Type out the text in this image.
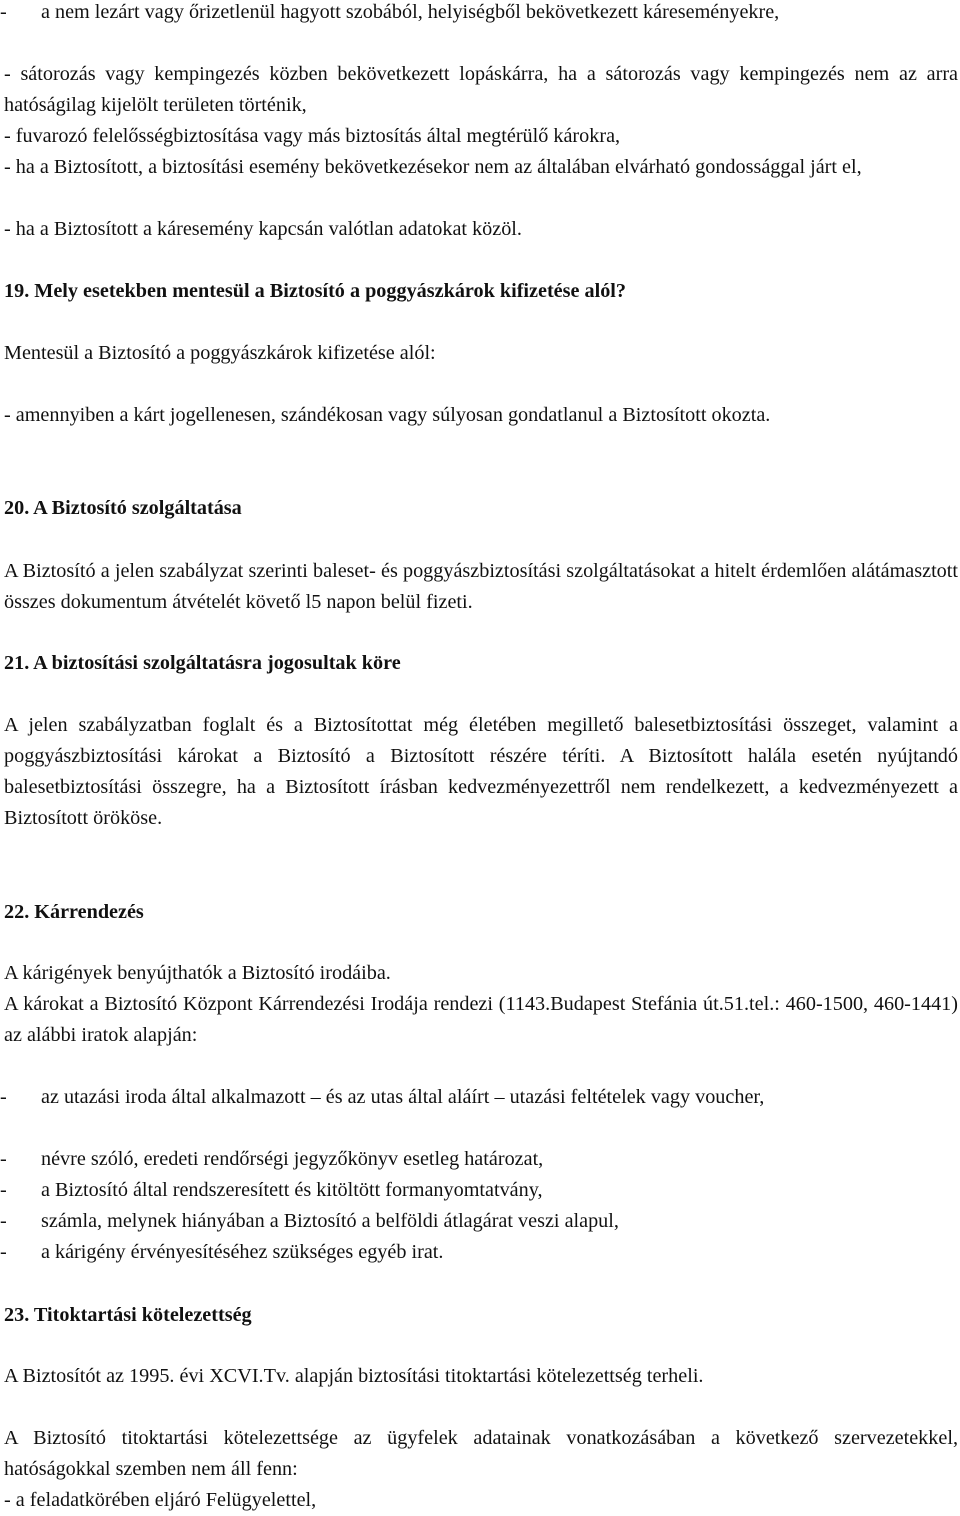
-	a nem lezárt vagy őrizetlenül hagyott szobából, helyiségből bekövetkezett káreseményekre,

- sátorozás vagy kempingezés közben bekövetkezett lopáskárra, ha a sátorozás vagy kempingezés nem az arra hatóságilag kijelölt területen történik,

- fuvarozó felelősségbiztosítása vagy más biztosítás által megtérülő károkra,

- ha a Biztosított, a biztosítási esemény bekövetkezésekor nem az általában elvárható gondossággal járt el,

- ha a Biztosított a káresemény kapcsán valótlan adatokat közöl.

19. Mely esetekben mentesül a Biztosító a poggyászkárok kifizetése alól?

Mentesül a Biztosító a poggyászkárok kifizetése alól:

- amennyiben a kárt jogellenesen, szándékosan vagy súlyosan gondatlanul a Biztosított okozta.

20. A Biztosító szolgáltatása

A Biztosító a jelen szabályzat szerinti baleset- és poggyászbiztosítási szolgáltatásokat a hitelt érdemlően alátámasztott összes dokumentum átvételét követő l5 napon belül fizeti.

21. A biztosítási szolgáltatásra jogosultak köre

A jelen szabályzatban foglalt és a Biztosítottat még életében megillető balesetbiztosítási összeget, valamint a poggyászbiztosítási károkat a Biztosító a Biztosított részére téríti. A Biztosított halála esetén nyújtandó balesetbiztosítási összegre, ha a Biztosított írásban kedvezményezettről nem rendelkezett, a kedvezményezett a Biztosított örököse.

22. Kárrendezés

A kárigények benyújthatók a Biztosító irodáiba.

A károkat a Biztosító Központ Kárrendezési Irodája rendezi (1143.Budapest Stefánia út.51.tel.: 460-1500, 460-1441) az alábbi iratok alapján:

-	az utazási iroda által alkalmazott – és az utas által aláírt – utazási feltételek vagy voucher,

-	névre szóló, eredeti rendőrségi jegyzőkönyv esetleg határozat,

-	a Biztosító által rendszeresített és kitöltött formanyomtatvány,

-	számla, melynek hiányában a Biztosító a belföldi átlagárat veszi alapul,

-	a kárigény érvényesítéséhez szükséges egyéb irat.

23. Titoktartási kötelezettség

A Biztosítót az 1995. évi XCVI.Tv. alapján biztosítási titoktartási kötelezettség terheli.

A Biztosító titoktartási kötelezettsége az ügyfelek adatainak vonatkozásában a következő szervezetekkel, hatóságokkal szemben nem áll fenn:

- a feladatkörében eljáró Felügyelettel,
